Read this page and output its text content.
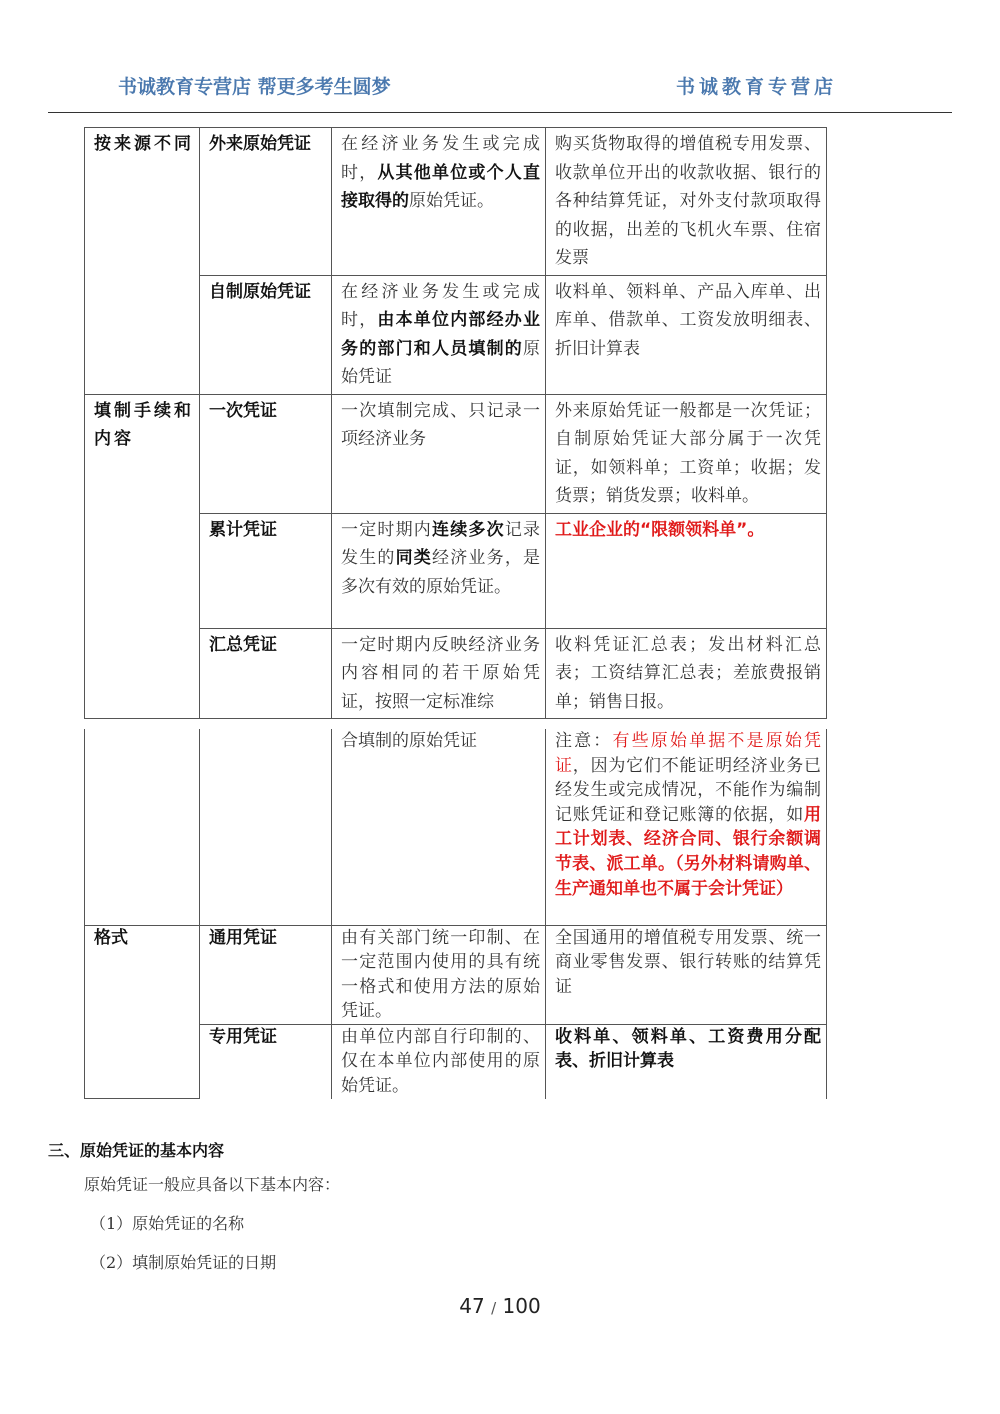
书诚教育专营店 帮更多考生圆梦	书诚教育专营店
按来源不同	外来原始凭证	在经济业务发生或完成时，从其他单位或个人直接取得的原始凭证。	购买货物取得的增值税专用发票、收款单位开出的收款收据、银行的各种结算凭证，对外支付款项取得的收据，出差的飞机火车票、住宿发票
	自制原始凭证	在经济业务发生或完成时，由本单位内部经办业务的部门和人员填制的原始凭证	收料单、领料单、产品入库单、出库单、借款单、工资发放明细表、折旧计算表
填制手续和内容	一次凭证	一次填制完成、只记录一项经济业务	外来原始凭证一般都是一次凭证；自制原始凭证大部分属于一次凭证，如领料单；工资单；收据；发货票；销货发票；收料单。
	累计凭证	一定时期内连续多次记录发生的同类经济业务，是多次有效的原始凭证。	工业企业的“限额领料单”。
	汇总凭证	一定时期内反映经济业务内容相同的若干原始凭证，按照一定标准综	收料凭证汇总表；发出材料汇总表；工资结算汇总表；差旅费报销单；销售日报。
		合填制的原始凭证	注意：有些原始单据不是原始凭证，因为它们不能证明经济业务已经发生或完成情况，不能作为编制记账凭证和登记账簿的依据，如用工计划表、经济合同、银行余额调节表、派工单。（另外材料请购单、生产通知单也不属于会计凭证）
格式	通用凭证	由有关部门统一印制、在一定范围内使用的具有统一格式和使用方法的原始凭证。	全国通用的增值税专用发票、统一商业零售发票、银行转账的结算凭证
	专用凭证	由单位内部自行印制的、仅在本单位内部使用的原始凭证。	收料单、领料单、工资费用分配表、折旧计算表
三、原始凭证的基本内容
原始凭证一般应具备以下基本内容：
（1）原始凭证的名称
（2）填制原始凭证的日期
47 / 100
